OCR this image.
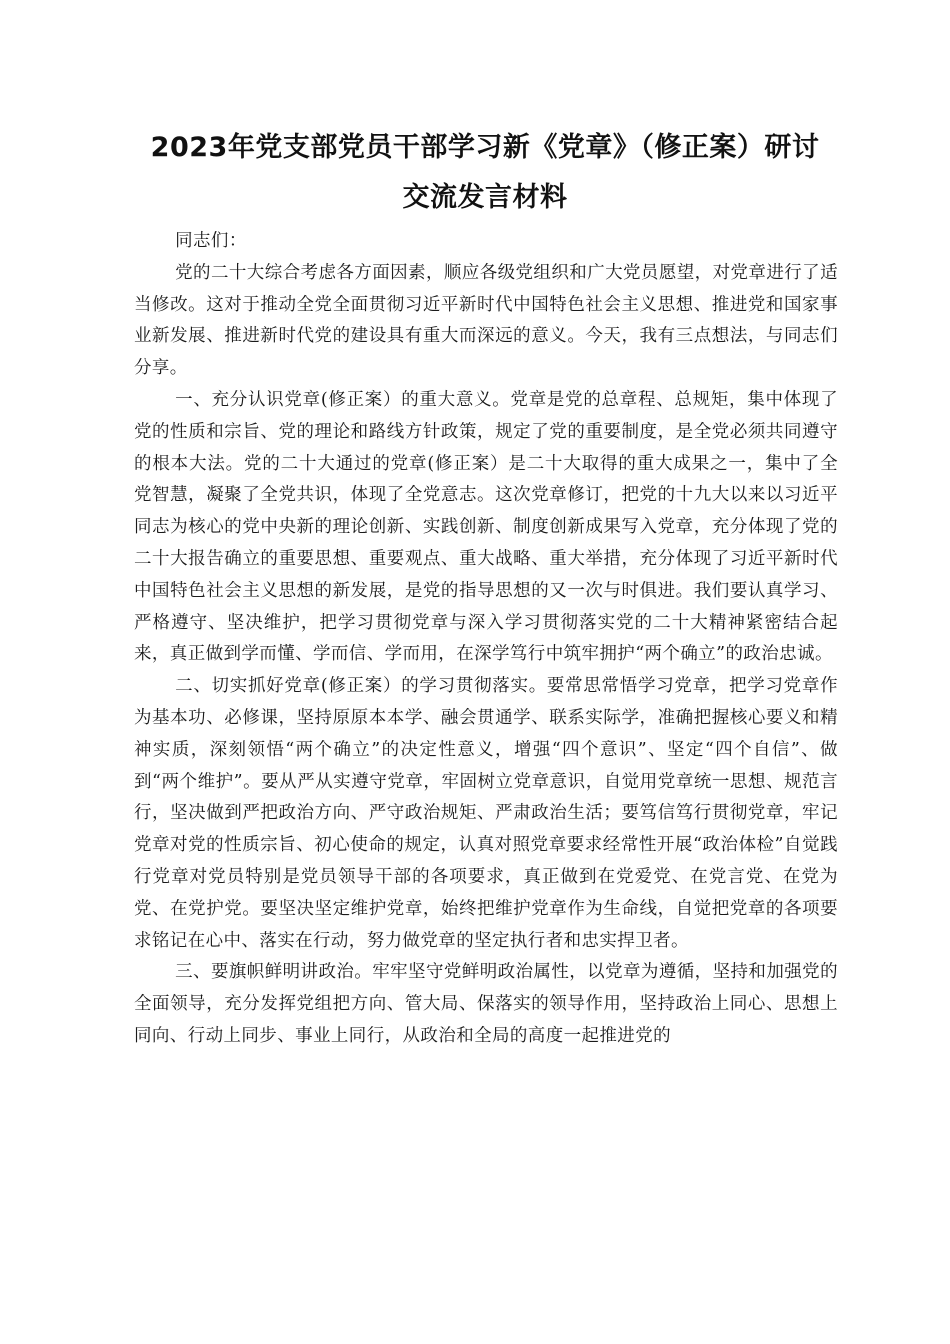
2023年党支部党员干部学习新《党章》（修正案）研讨
交流发言材料

同志们：

党的二十大综合考虑各方面因素，顺应各级党组织和广大党员愿望，对党章进行了适当修改。这对于推动全党全面贯彻习近平新时代中国特色社会主义思想、推进党和国家事业新发展、推进新时代党的建设具有重大而深远的意义。今天，我有三点想法，与同志们分享。

一、充分认识党章(修正案）的重大意义。党章是党的总章程、总规矩，集中体现了党的性质和宗旨、党的理论和路线方针政策，规定了党的重要制度，是全党必须共同遵守的根本大法。党的二十大通过的党章(修正案）是二十大取得的重大成果之一，集中了全党智慧，凝聚了全党共识，体现了全党意志。这次党章修订，把党的十九大以来以习近平同志为核心的党中央新的理论创新、实践创新、制度创新成果写入党章，充分体现了党的二十大报告确立的重要思想、重要观点、重大战略、重大举措，充分体现了习近平新时代中国特色社会主义思想的新发展，是党的指导思想的又一次与时俱进。我们要认真学习、严格遵守、坚决维护，把学习贯彻党章与深入学习贯彻落实党的二十大精神紧密结合起来，真正做到学而懂、学而信、学而用，在深学笃行中筑牢拥护“两个确立”的政治忠诚。

二、切实抓好党章(修正案）的学习贯彻落实。要常思常悟学习党章，把学习党章作为基本功、必修课，坚持原原本本学、融会贯通学、联系实际学，准确把握核心要义和精神实质，深刻领悟“两个确立”的决定性意义，增强“四个意识”、坚定“四个自信”、做到“两个维护”。要从严从实遵守党章，牢固树立党章意识，自觉用党章统一思想、规范言行，坚决做到严把政治方向、严守政治规矩、严肃政治生活；要笃信笃行贯彻党章，牢记党章对党的性质宗旨、初心使命的规定，认真对照党章要求经常性开展“政治体检”自觉践行党章对党员特别是党员领导干部的各项要求，真正做到在党爱党、在党言党、在党为党、在党护党。要坚决坚定维护党章，始终把维护党章作为生命线，自觉把党章的各项要求铭记在心中、落实在行动，努力做党章的坚定执行者和忠实捍卫者。

三、要旗帜鲜明讲政治。牢牢坚守党鲜明政治属性，以党章为遵循，坚持和加强党的全面领导，充分发挥党组把方向、管大局、保落实的领导作用，坚持政治上同心、思想上同向、行动上同步、事业上同行，从政治和全局的高度一起推进党的
